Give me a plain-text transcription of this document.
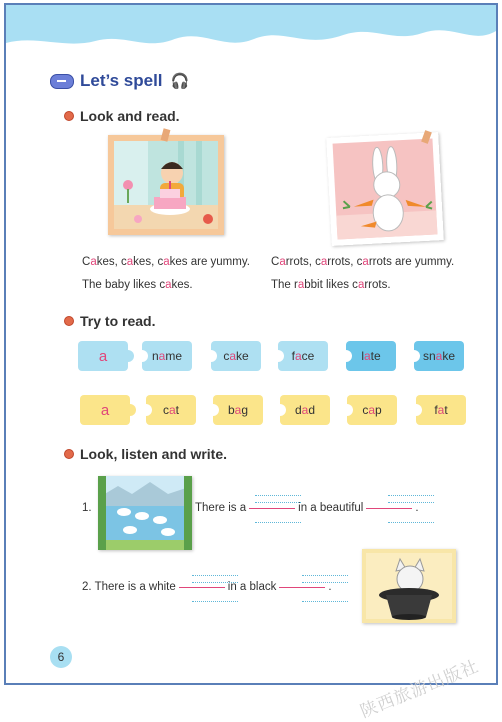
Let’s spell 🎧
Look and read.
Cakes, cakes, cakes are yummy.
The baby likes cakes.
Carrots, carrots, carrots are yummy.
The rabbit likes carrots.
Try to read.
a	name	cake	face	late	snake
a	cat	bag	dad	cap	fat
Look, listen and write.
1.	There is a	in a beautiful	.
2. There is a white	in a black	.
6	陕西旅游出版社
